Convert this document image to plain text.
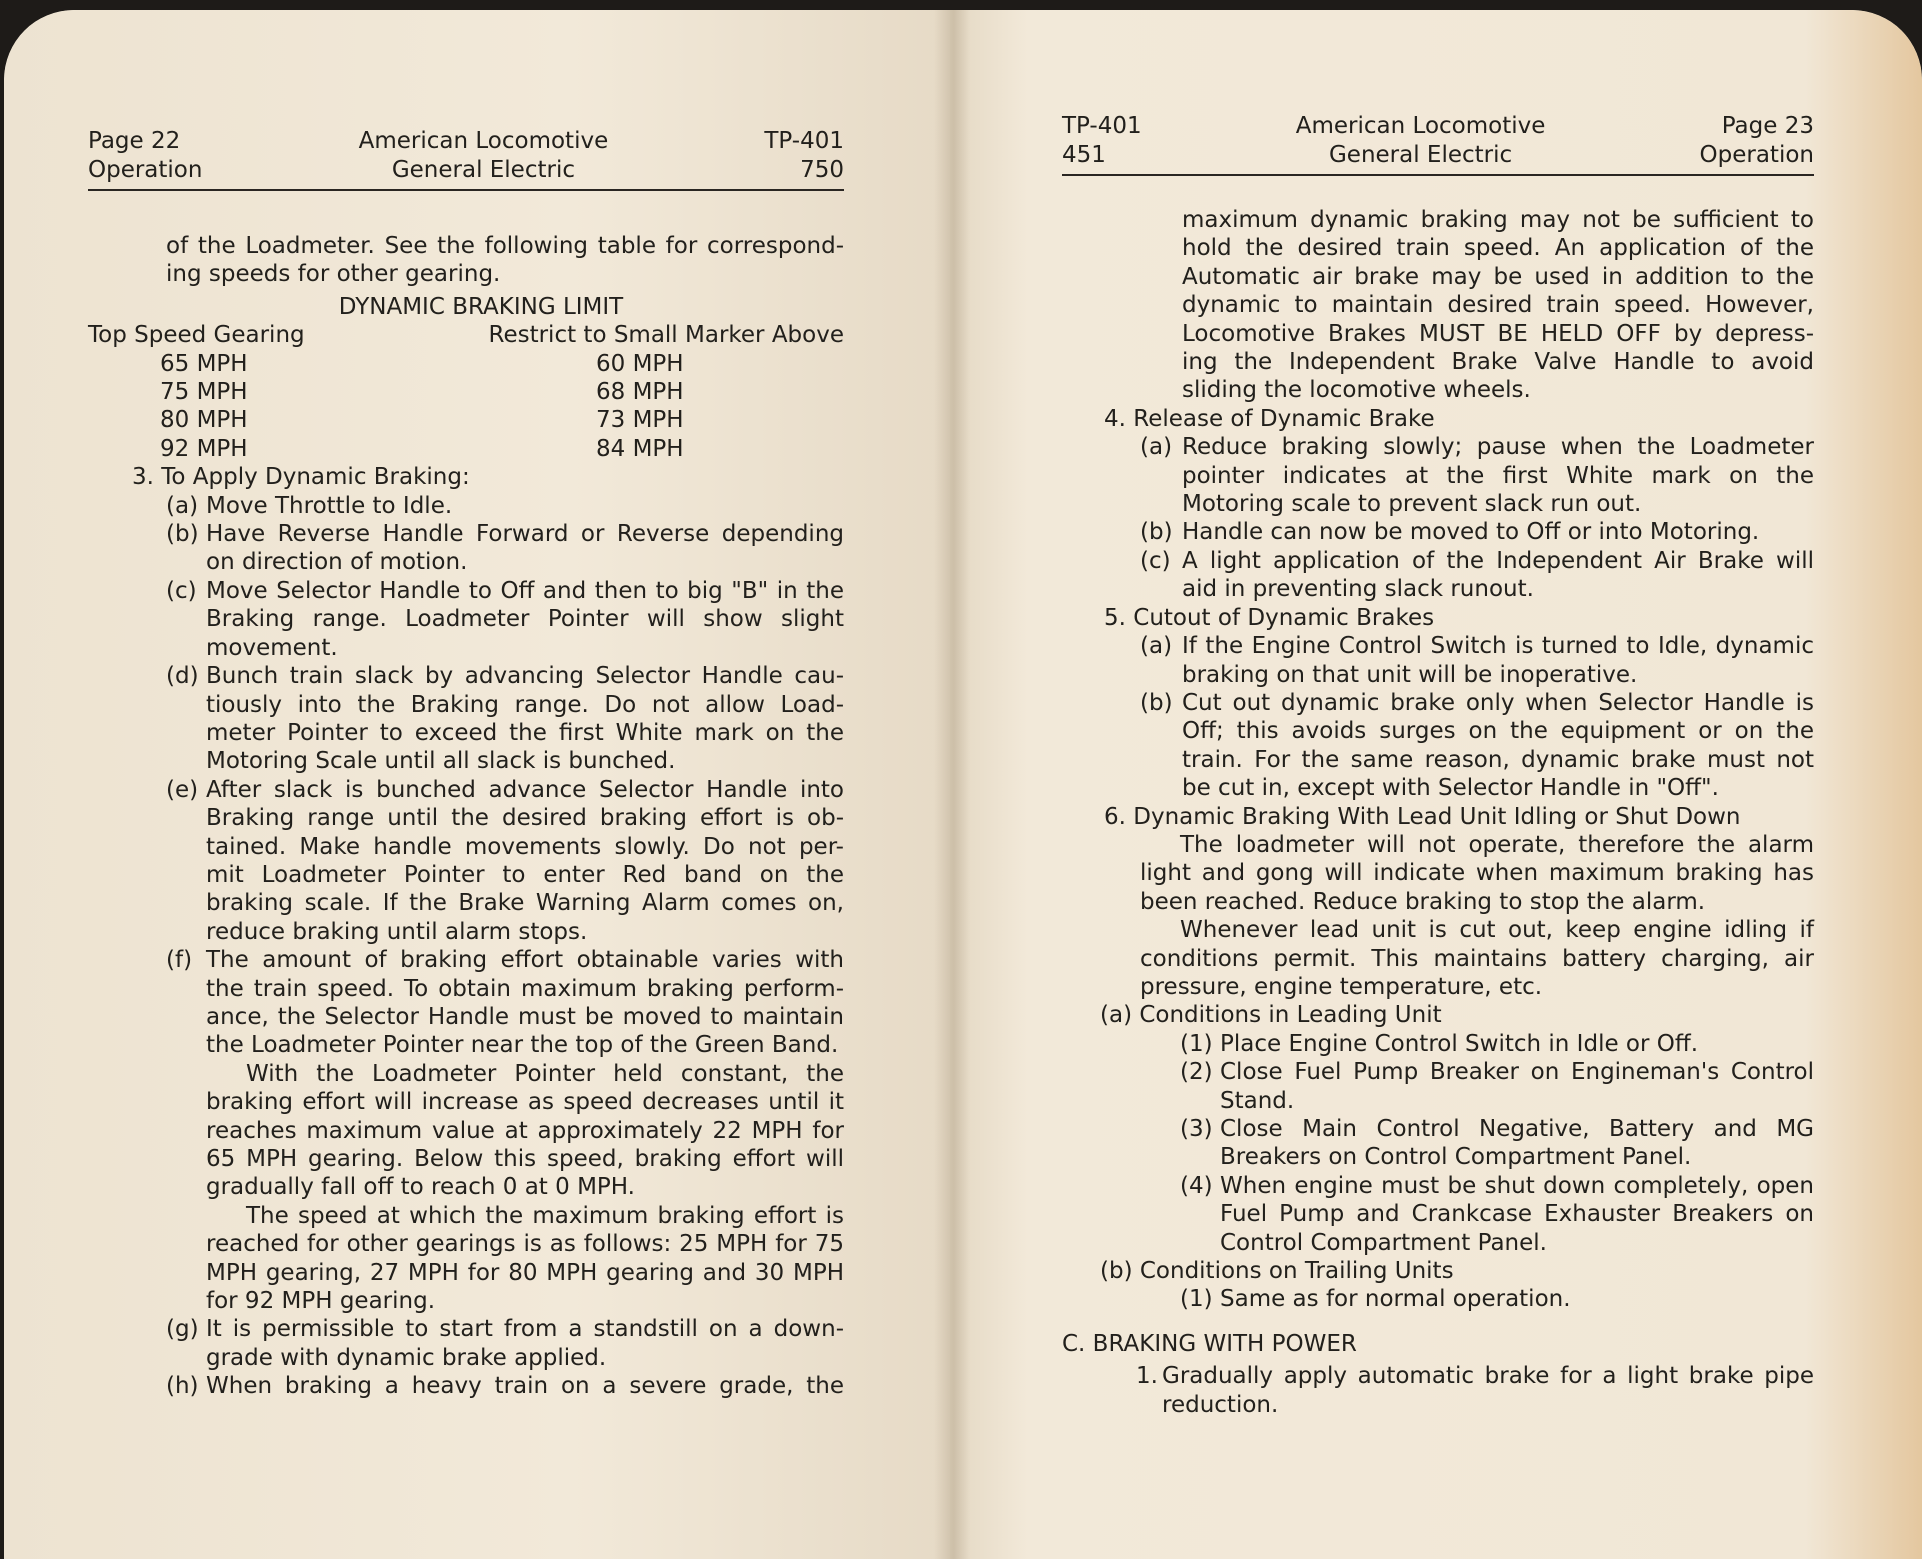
Page 22
Operation
American Locomotive
General Electric
TP-401
750

of the Loadmeter. See the following table for correspond- ing speeds for other gearing.

DYNAMIC BRAKING LIMIT
Top Speed Gearing	Restrict to Small Marker Above
65 MPH	60 MPH
75 MPH	68 MPH
80 MPH	73 MPH
92 MPH	84 MPH
3. To Apply Dynamic Braking:
(a) Move Throttle to Idle.
(b) Have Reverse Handle Forward or Reverse depending on direction of motion.
(c) Move Selector Handle to Off and then to big "B" in the Braking range. Loadmeter Pointer will show slight movement.
(d) Bunch train slack by advancing Selector Handle cau- tiously into the Braking range. Do not allow Load- meter Pointer to exceed the first White mark on the Motoring Scale until all slack is bunched.
(e) After slack is bunched advance Selector Handle into Braking range until the desired braking effort is ob- tained. Make handle movements slowly. Do not per- mit Loadmeter Pointer to enter Red band on the braking scale. If the Brake Warning Alarm comes on, reduce braking until alarm stops.
(f) The amount of braking effort obtainable varies with the train speed. To obtain maximum braking perform- ance, the Selector Handle must be moved to maintain the Loadmeter Pointer near the top of the Green Band.

With the Loadmeter Pointer held constant, the braking effort will increase as speed decreases until it reaches maximum value at approximately 22 MPH for 65 MPH gearing. Below this speed, braking effort will gradually fall off to reach 0 at 0 MPH.

The speed at which the maximum braking effort is reached for other gearings is as follows: 25 MPH for 75 MPH gearing, 27 MPH for 80 MPH gearing and 30 MPH for 92 MPH gearing.

(g) It is permissible to start from a standstill on a down- grade with dynamic brake applied.
(h) When braking a heavy train on a severe grade, the
TP-401
451
American Locomotive
General Electric
Page 23
Operation

maximum dynamic braking may not be sufficient to hold the desired train speed. An application of the Automatic air brake may be used in addition to the dynamic to maintain desired train speed. However, Locomotive Brakes MUST BE HELD OFF by depress- ing the Independent Brake Valve Handle to avoid sliding the locomotive wheels.

4. Release of Dynamic Brake
(a) Reduce braking slowly; pause when the Loadmeter pointer indicates at the first White mark on the Motoring scale to prevent slack run out.
(b) Handle can now be moved to Off or into Motoring.
(c) A light application of the Independent Air Brake will aid in preventing slack runout.
5. Cutout of Dynamic Brakes
(a) If the Engine Control Switch is turned to Idle, dynamic braking on that unit will be inoperative.
(b) Cut out dynamic brake only when Selector Handle is Off; this avoids surges on the equipment or on the train. For the same reason, dynamic brake must not be cut in, except with Selector Handle in "Off".
6. Dynamic Braking With Lead Unit Idling or Shut Down

The loadmeter will not operate, therefore the alarm light and gong will indicate when maximum braking has been reached. Reduce braking to stop the alarm.

Whenever lead unit is cut out, keep engine idling if conditions permit. This maintains battery charging, air pressure, engine temperature, etc.

(a) Conditions in Leading Unit
(1) Place Engine Control Switch in Idle or Off.
(2) Close Fuel Pump Breaker on Engineman's Control Stand.
(3) Close Main Control Negative, Battery and MG Breakers on Control Compartment Panel.
(4) When engine must be shut down completely, open Fuel Pump and Crankcase Exhauster Breakers on Control Compartment Panel.
(b) Conditions on Trailing Units
(1) Same as for normal operation.
C. BRAKING WITH POWER
1. Gradually apply automatic brake for a light brake pipe reduction.
